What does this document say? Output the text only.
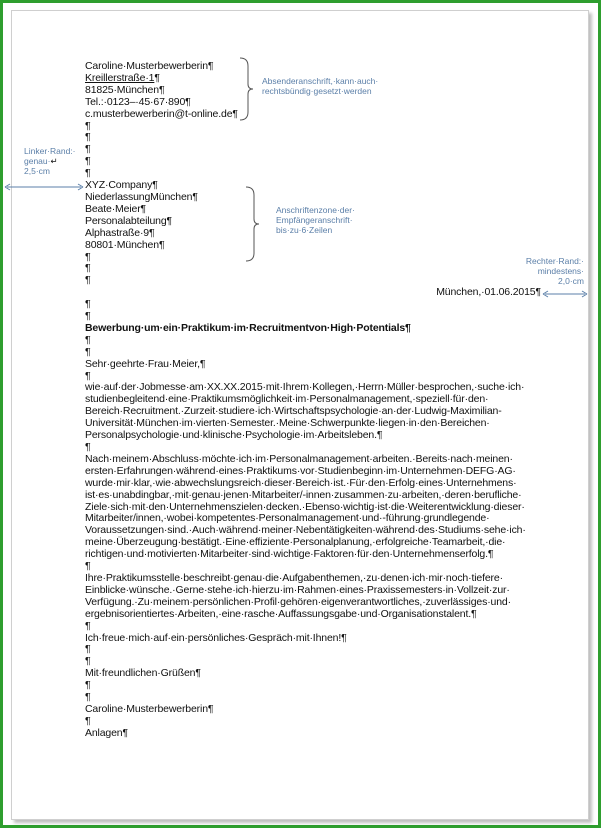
Absenderanschrift,·kann·auch·
rechtsbündig·gesetzt·werden
Anschriftenzone·der·
Empfängeranschrift·
bis·zu·6·Zeilen
Linker·Rand:·
genau·↵
2,5·cm
Rechter·Rand:·
mindestens·
2,0·cm
Caroline·Musterbewerberin¶
Kreillerstraße·1¶
81825·München¶
Tel.:·0123–·45·67·890¶
c.musterbewerberin@t-online.de¶
¶
¶
¶
¶
¶
XYZ·Company¶
NiederlassungMünchen¶
Beate·Meier¶
Personalabteilung¶
Alphastraße·9¶
80801·München¶
¶
¶
¶
München,·01.06.2015¶
¶
¶
Bewerbung·um·ein·Praktikum·im·Recruitmentvon·High·Potentials¶
¶
¶
Sehr·geehrte·Frau·Meier,¶
¶
wie·auf·der·Jobmesse·am·XX.XX.2015·mit·Ihrem·Kollegen,·Herrn·Müller·besprochen,·suche·ich·
studienbegleitend·eine·Praktikumsmöglichkeit·im·Personalmanagement,·speziell·für·den·
Bereich·Recruitment.·Zurzeit·studiere·ich·Wirtschaftspsychologie·an·der·Ludwig-Maximilian-
Universität·München·im·vierten·Semester.·Meine·Schwerpunkte·liegen·in·den·Bereichen·
Personalpsychologie·und·klinische·Psychologie·im·Arbeitsleben.¶
¶
Nach·meinem·Abschluss·möchte·ich·im·Personalmanagement·arbeiten.·Bereits·nach·meinen·
ersten·Erfahrungen·während·eines·Praktikums·vor·Studienbeginn·im·Unternehmen·DEFG·AG·
wurde·mir·klar,·wie·abwechslungsreich·dieser·Bereich·ist.·Für·den·Erfolg·eines·Unternehmens·
ist·es·unabdingbar,·mit·genau·jenen·Mitarbeiter/-innen·zusammen·zu·arbeiten,·deren·berufliche·
Ziele·sich·mit·den·Unternehmenszielen·decken.·Ebenso·wichtig·ist·die·Weiterentwicklung·dieser·
Mitarbeiter/innen,·wobei·kompetentes·Personalmanagement·und·-führung·grundlegende·
Voraussetzungen·sind.·Auch·während·meiner·Nebentätigkeiten·während·des·Studiums·sehe·ich·
meine·Überzeugung·bestätigt.·Eine·effiziente·Personalplanung,·erfolgreiche·Teamarbeit,·die·
richtigen·und·motivierten·Mitarbeiter·sind·wichtige·Faktoren·für·den·Unternehmenserfolg.¶
¶
Ihre·Praktikumsstelle·beschreibt·genau·die·Aufgabenthemen,·zu·denen·ich·mir·noch·tiefere·
Einblicke·wünsche.·Gerne·stehe·ich·hierzu·im·Rahmen·eines·Praxissemesters·in·Vollzeit·zur·
Verfügung.·Zu·meinem·persönlichen·Profil·gehören·eigenverantwortliches,·zuverlässiges·und·
ergebnisorientiertes·Arbeiten,·eine·rasche·Auffassungsgabe·und·Organisationstalent.¶
¶
Ich·freue·mich·auf·ein·persönliches·Gespräch·mit·Ihnen!¶
¶
¶
Mit·freundlichen·Grüßen¶
¶
¶
Caroline·Musterbewerberin¶
¶
Anlagen¶
